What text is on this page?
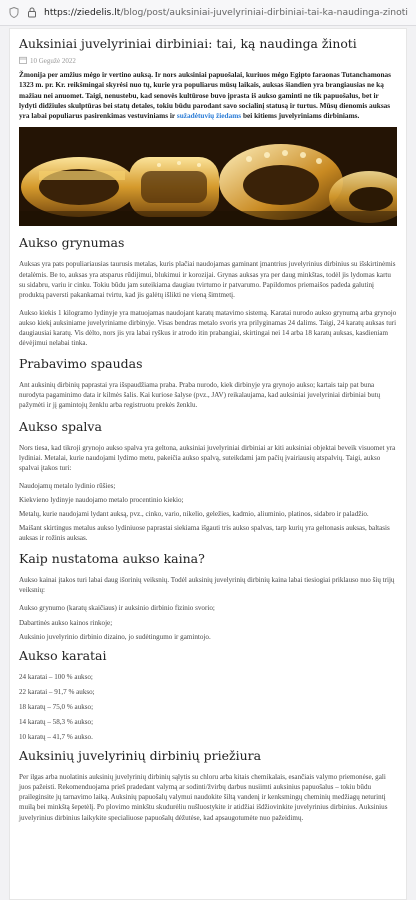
https://ziedelis.lt/blog/post/auksiniai-juvelyriniai-dirbiniai-tai-ka-naudinga-zinoti
Auksiniai juvelyriniai dirbiniai: tai, ką naudinga žinoti
10 Gegužė 2022
Žmonija per amžius mėgo ir vertino auksą. Ir nors auksiniai papuošalai, kuriuos mėgo Egipto faraonas Tutanchamonas 1323 m. pr. Kr. reikšmingai skyrėsi nuo tų, kurie yra populiarus mūsų laikais, auksas šiandien yra brangiausias ne ką mažiau nei anuomet. Taigi, nenustebu, kad senovės kultūrose buvo įprasta iš aukso gaminti ne tik papuošalus, bet ir lydyti didžiules skulptūras bei statų detales, tokiu būdu parodant savo socialinį statusą ir turtus. Mūsų dienomis auksas yra labai populiarus pasirenkimas vestuviniams ir sužadėtuvių žiedams bei kitiems juvelyriniams dirbiniams.
Aukso grynumas

Auksas yra pats populiariausias taurusis metalas, kuris plačiai naudojamas gaminant įmantrius juvelyrinius dirbinius su išskirtinėmis detalėmis. Be to, auksas yra atsparus rūdijimui, blukimui ir korozijai. Grynas auksas yra per daug minkštas, todėl jis lydomas kartu su sidabru, variu ir cinku. Tokiu būdu jam suteikiama daugiau tvirtumo ir patvarumo. Papildomos priemaišos padeda galutinį produktą paversti pakankamai tvirtu, kad jis galėtų išlikti ne vieną šimtmetį.

Aukso kiekis 1 kilogramo lydinyje yra matuojamas naudojant karatų matavimo sistemą. Karatai nurodo aukso grynumą arba grynojo aukso kiekį auksiniame juvelyriniame dirbinyje. Visas bendras metalo svoris yra prilyginamas 24 dalims. Taigi, 24 karatų auksas turi daugiausiai karatų. Vis dėlto, nors jis yra labai ryškus ir atrodo itin prabangiai, skirtingai nei 14 arba 18 karatų auksas, kasdieniam dėvėjimui nelabai tinka.

Prabavimo spaudas

Ant auksinių dirbinių paprastai yra išspaudžiama praba. Praba nurodo, kiek dirbinyje yra grynojo aukso; kartais taip pat buna nurodyta pagaminimo data ir kilmės šalis. Kai kuriose šalyse (pvz., JAV) reikalaujama, kad auksiniai juvelyriniai dirbiniai butų pažymėti ir jį gamintojų ženklu arba registruotu prekės ženklu.

Aukso spalva

Nors tiesa, kad tikroji grynojo aukso spalva yra geltona, auksiniai juvelyriniai dirbiniai ar kiti auksiniai objektai beveik visuomet yra lydiniai. Metalai, kurie naudojami lydimo metu, pakeičia aukso spalvą, suteikdami jam pačių įvairiausių atspalvių. Taigi, aukso spalvai įtakos turi:

Naudojamų metalo lydinio rūšies;

Kiekvieno lydinyje naudojamo metalo procentinio kiekio;

Metalų, kurie naudojami lydant auksą, pvz., cinko, vario, nikelio, geležies, kadmio, aliuminio, platinos, sidabro ir paladžio.

Maišant skirtingus metalus aukso lydiniuose paprastai siekiama išgauti tris aukso spalvas, tarp kurių yra geltonasis auksas, baltasis auksas ir rožinis auksas.

Kaip nustatoma aukso kaina?

Aukso kainai įtakos turi labai daug išorinių veiksnių. Todėl auksinių juvelyrinių dirbinių kaina labai tiesiogiai priklauso nuo šių trijų veiksnių:

Aukso grynumo (karatų skaičiaus) ir auksinio dirbinio fizinio svorio;

Dabartinės aukso kainos rinkoje;

Auksinio juvelyrinio dirbinio dizaino, jo sudėtingumo ir gamintojo.

Aukso karatai

24 karatai – 100 % aukso;

22 karatai – 91,7 % aukso;

18 karatų – 75,0 % aukso;

14 karatų – 58,3 % aukso;

10 karatų – 41,7 % aukso.

Auksinių juvelyrinių dirbinių priežiura

Per ilgas arba nuolatinis auksinių juvelyrinių dirbinių sąlytis su chloru arba kitais chemikalais, esančiais valymo priemonėse, gali juos pažeisti. Rekomenduojama prieš pradedant valymą ar sodinti/žvirbų darbus nusiimti auksinius papuošalus – tokiu būdu praileginsite jų tarnavimo laiką. Auksinių papuošalų valymui naudokite šiltą vandenį ir kenksmingų cheminių medžiagų neturintį muilą bei minkštą šepetėlį. Po plovimo minkštu skudurėliu nušluostykite ir atidžiai išdžiovinkite juvelyrinius dirbinius. Auksinius juvelyrinius dirbinius laikykite specialiuose papuošalų dėžutėse, kad apsaugotumėte nuo pažeidimų.
